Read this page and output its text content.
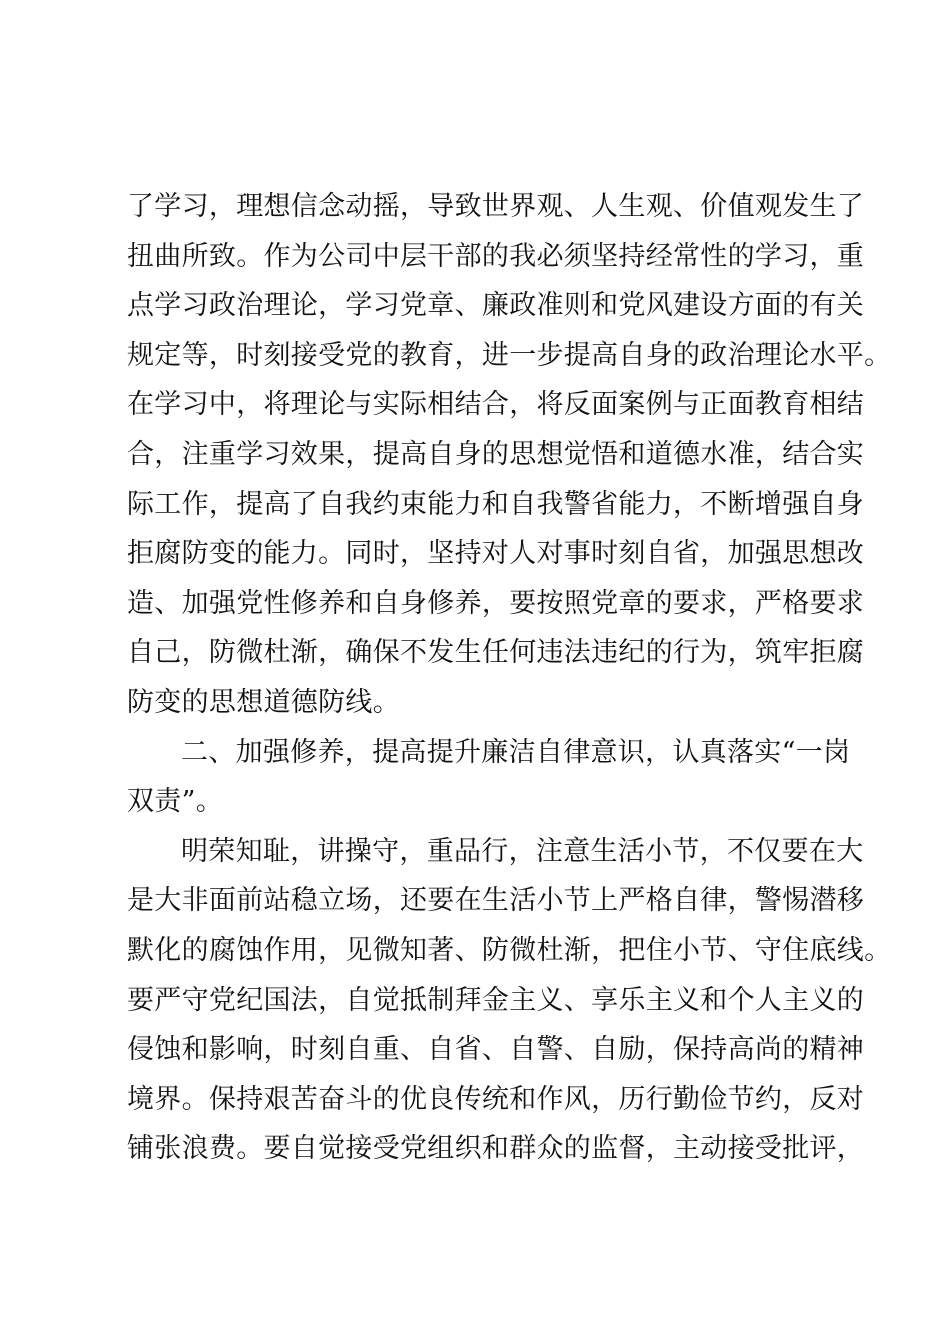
了学习，理想信念动摇，导致世界观、人生观、价值观发生了
扭曲所致。作为公司中层干部的我必须坚持经常性的学习，重
点学习政治理论，学习党章、廉政准则和党风建设方面的有关
规定等，时刻接受党的教育，进一步提高自身的政治理论水平。
在学习中，将理论与实际相结合，将反面案例与正面教育相结
合，注重学习效果，提高自身的思想觉悟和道德水准，结合实
际工作，提高了自我约束能力和自我警省能力，不断增强自身
拒腐防变的能力。同时，坚持对人对事时刻自省，加强思想改
造、加强党性修养和自身修养，要按照党章的要求，严格要求
自己，防微杜渐，确保不发生任何违法违纪的行为，筑牢拒腐
防变的思想道德防线。
二、加强修养，提高提升廉洁自律意识，认真落实“一岗
双责”。
明荣知耻，讲操守，重品行，注意生活小节，不仅要在大
是大非面前站稳立场，还要在生活小节上严格自律，警惕潜移
默化的腐蚀作用，见微知著、防微杜渐，把住小节、守住底线。
要严守党纪国法，自觉抵制拜金主义、享乐主义和个人主义的
侵蚀和影响，时刻自重、自省、自警、自励，保持高尚的精神
境界。保持艰苦奋斗的优良传统和作风，历行勤俭节约，反对
铺张浪费。要自觉接受党组织和群众的监督，主动接受批评，
